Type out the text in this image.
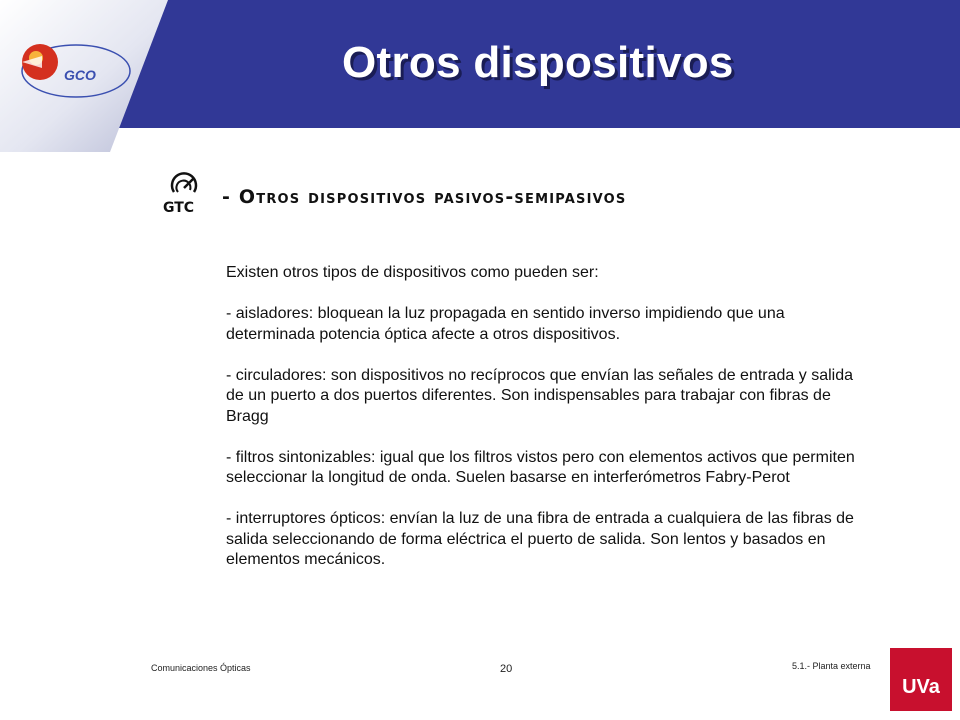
GCO	Otros dispositivos
GTC - Otros dispositivos pasivos-semipasivos

Existen otros tipos de dispositivos como pueden ser:

- aisladores: bloquean la luz propagada en sentido inverso impidiendo que una determinada potencia óptica afecte a otros dispositivos.

- circuladores: son dispositivos no recíprocos que envían las señales de entrada y salida de un puerto a dos puertos diferentes. Son indispensables para trabajar con fibras de Bragg

- filtros sintonizables: igual que los filtros vistos pero con elementos activos que permiten seleccionar la longitud de onda. Suelen basarse en interferómetros Fabry-Perot

- interruptores ópticos: envían la luz de una fibra de entrada a cualquiera de las fibras de salida seleccionando de forma eléctrica el puerto de salida. Son lentos y basados en elementos mecánicos.

Comunicaciones Ópticas	20	5.1.- Planta externa
UVa
